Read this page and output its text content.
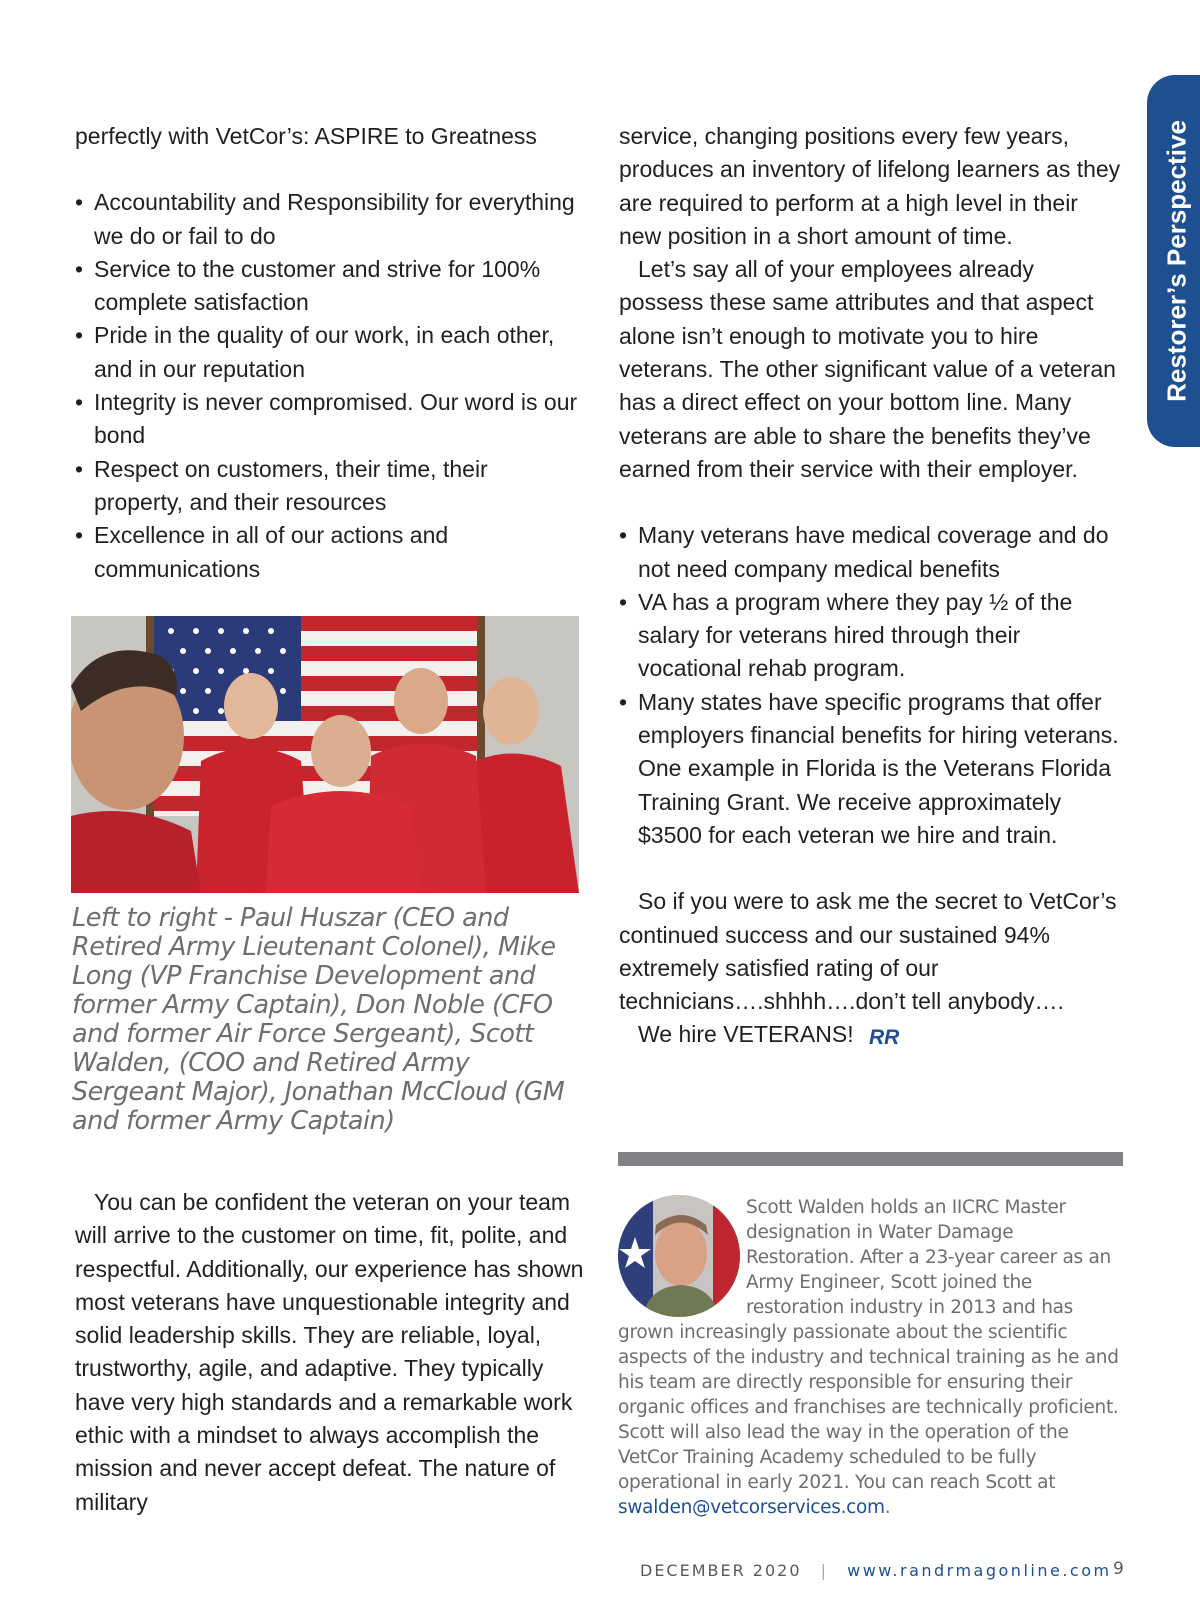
Restorer’s Perspective

perfectly with VetCor’s: ASPIRE to Greatness

• Accountability and Responsibility for everything we do or fail to do
• Service to the customer and strive for 100% complete satisfaction
• Pride in the quality of our work, in each other, and in our reputation
• Integrity is never compromised. Our word is our bond
• Respect on customers, their time, their property, and their resources
• Excellence in all of our actions and communications
Left to right - Paul Huszar (CEO and Retired Army Lieutenant Colonel), Mike Long (VP Franchise Development and former Army Captain), Don Noble (CFO and former Air Force Sergeant), Scott Walden, (COO and Retired Army Sergeant Major), Jonathan McCloud (GM and former Army Captain)

You can be confident the veteran on your team will arrive to the customer on time, fit, polite, and respectful. Additionally, our experience has shown most veterans have unquestionable integrity and solid leadership skills. They are reliable, loyal, trustworthy, agile, and adaptive. They typically have very high standards and a remarkable work ethic with a mindset to always accomplish the mission and never accept defeat. The nature of military

service, changing positions every few years, produces an inventory of lifelong learners as they are required to perform at a high level in their new position in a short amount of time.

Let’s say all of your employees already possess these same attributes and that aspect alone isn’t enough to motivate you to hire veterans. The other significant value of a veteran has a direct effect on your bottom line. Many veterans are able to share the benefits they’ve earned from their service with their employer.

• Many veterans have medical coverage and do not need company medical benefits
• VA has a program where they pay ½ of the salary for veterans hired through their vocational rehab program.
• Many states have specific programs that offer employers financial benefits for hiring veterans. One example in Florida is the Veterans Florida Training Grant. We receive approximately $3500 for each veteran we hire and train.

So if you were to ask me the secret to VetCor’s continued success and our sustained 94% extremely satisfied rating of our technicians….shhhh….don’t tell anybody….

We hire VETERANS! RR

Scott Walden holds an IICRC Master designation in Water Damage Restoration. After a 23-year career as an Army Engineer, Scott joined the restoration industry in 2013 and has grown increasingly passionate about the scientific aspects of the industry and technical training as he and his team are directly responsible for ensuring their organic offices and franchises are technically proficient. Scott will also lead the way in the operation of the VetCor Training Academy scheduled to be fully operational in early 2021. You can reach Scott at swalden@vetcorservices.com.
DECEMBER 2020 | www.randrmagonline.com 9
